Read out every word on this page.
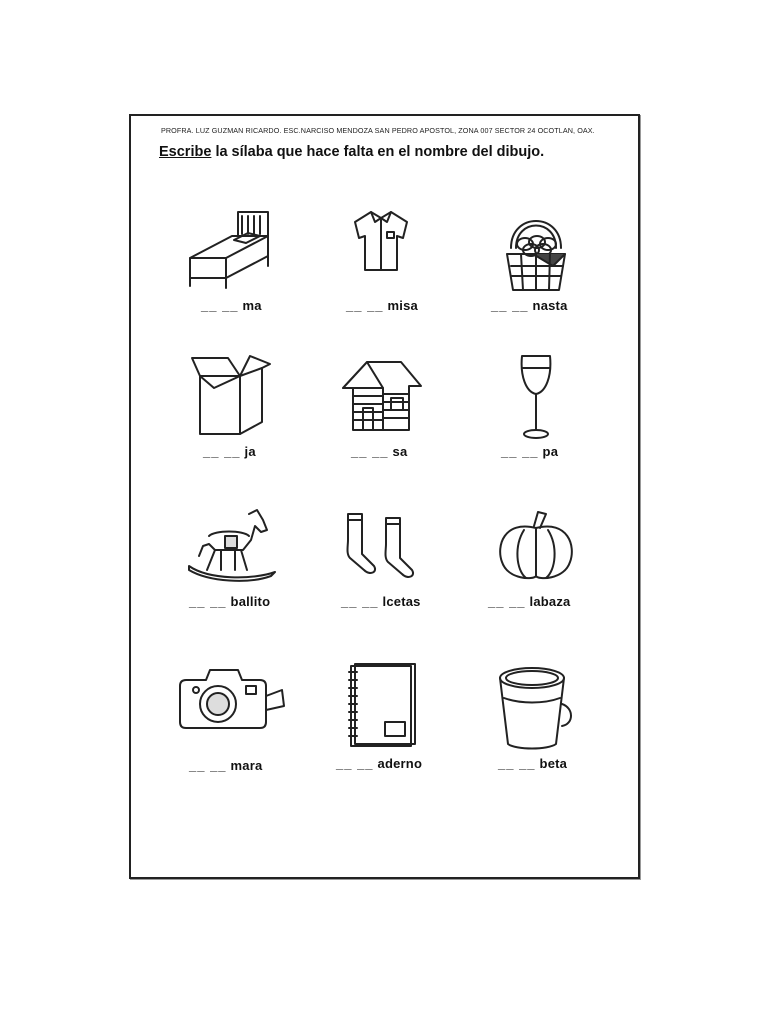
PROFRA. LUZ GUZMAN RICARDO. ESC.NARCISO MENDOZA SAN PEDRO APOSTOL, ZONA 007 SECTOR 24 OCOTLAN, OAX.
Escribe la sílaba que hace falta en el nombre del dibujo.
__ __ ma	__ __ misa	__ __ nasta
__ __ ja	__ __ sa	__ __ pa
__ __ ballito	__ __ lcetas	__ __ labaza
__ __ mara	__ __ aderno	__ __ beta
